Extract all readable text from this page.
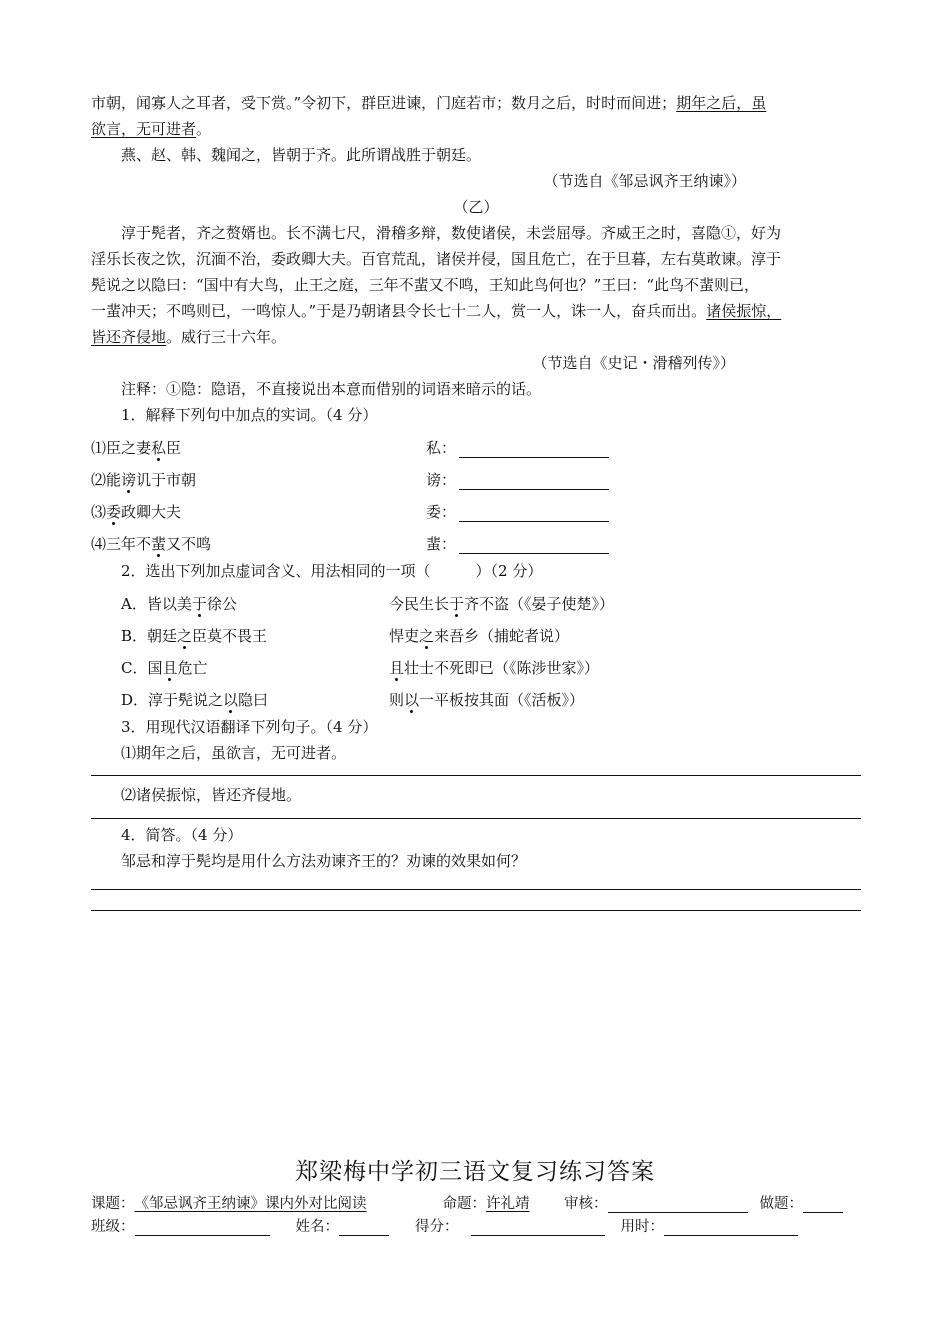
市朝，闻寡人之耳者，受下赏。”令初下，群臣进谏，门庭若市；数月之后，时时而间进；期年之后，虽
欲言，无可进者。
燕、赵、韩、魏闻之，皆朝于齐。此所谓战胜于朝廷。
（节选自《邹忌讽齐王纳谏》）
（乙）
淳于髡者，齐之赘婿也。长不满七尺，滑稽多辩，数使诸侯，未尝屈辱。齐威王之时，喜隐①，好为
淫乐长夜之饮，沉湎不治，委政卿大夫。百官荒乱，诸侯并侵，国且危亡，在于旦暮，左右莫敢谏。淳于
髡说之以隐曰：“国中有大鸟，止王之庭，三年不蜚又不鸣，王知此鸟何也？”王曰：“此鸟不蜚则已，
一蜚冲天；不鸣则已，一鸣惊人。”于是乃朝诸县令长七十二人，赏一人，诛一人，奋兵而出。诸侯振惊，
皆还齐侵地。威行三十六年。
（节选自《史记・滑稽列传》）
注释：①隐：隐语，不直接说出本意而借别的词语来暗示的话。
1．解释下列句中加点的实词。（4 分）
⑴臣之妻私臣	私：
⑵能谤讥于市朝	谤：
⑶委政卿大夫	委：
⑷三年不蜚又不鸣	蜚：
2．选出下列加点虚词含义、用法相同的一项（　　　）（2 分）
A．皆以美于徐公	今民生长于齐不盗（《晏子使楚》）
B．朝廷之臣莫不畏王	悍吏之来吾乡（捕蛇者说）
C．国且危亡	且壮士不死即已（《陈涉世家》）
D．淳于髡说之以隐曰	则以一平板按其面（《活板》）
3．用现代汉语翻译下列句子。（4 分）
⑴期年之后，虽欲言，无可进者。
⑵诸侯振惊，皆还齐侵地。
4．简答。（4 分）
邹忌和淳于髡均是用什么方法劝谏齐王的？劝谏的效果如何？
郑梁梅中学初三语文复习练习答案
课题：《邹忌讽齐王纳谏》课内外对比阅读	命题：许礼靖 审核：	做题：
班级：	姓名：	得分：	用时：
